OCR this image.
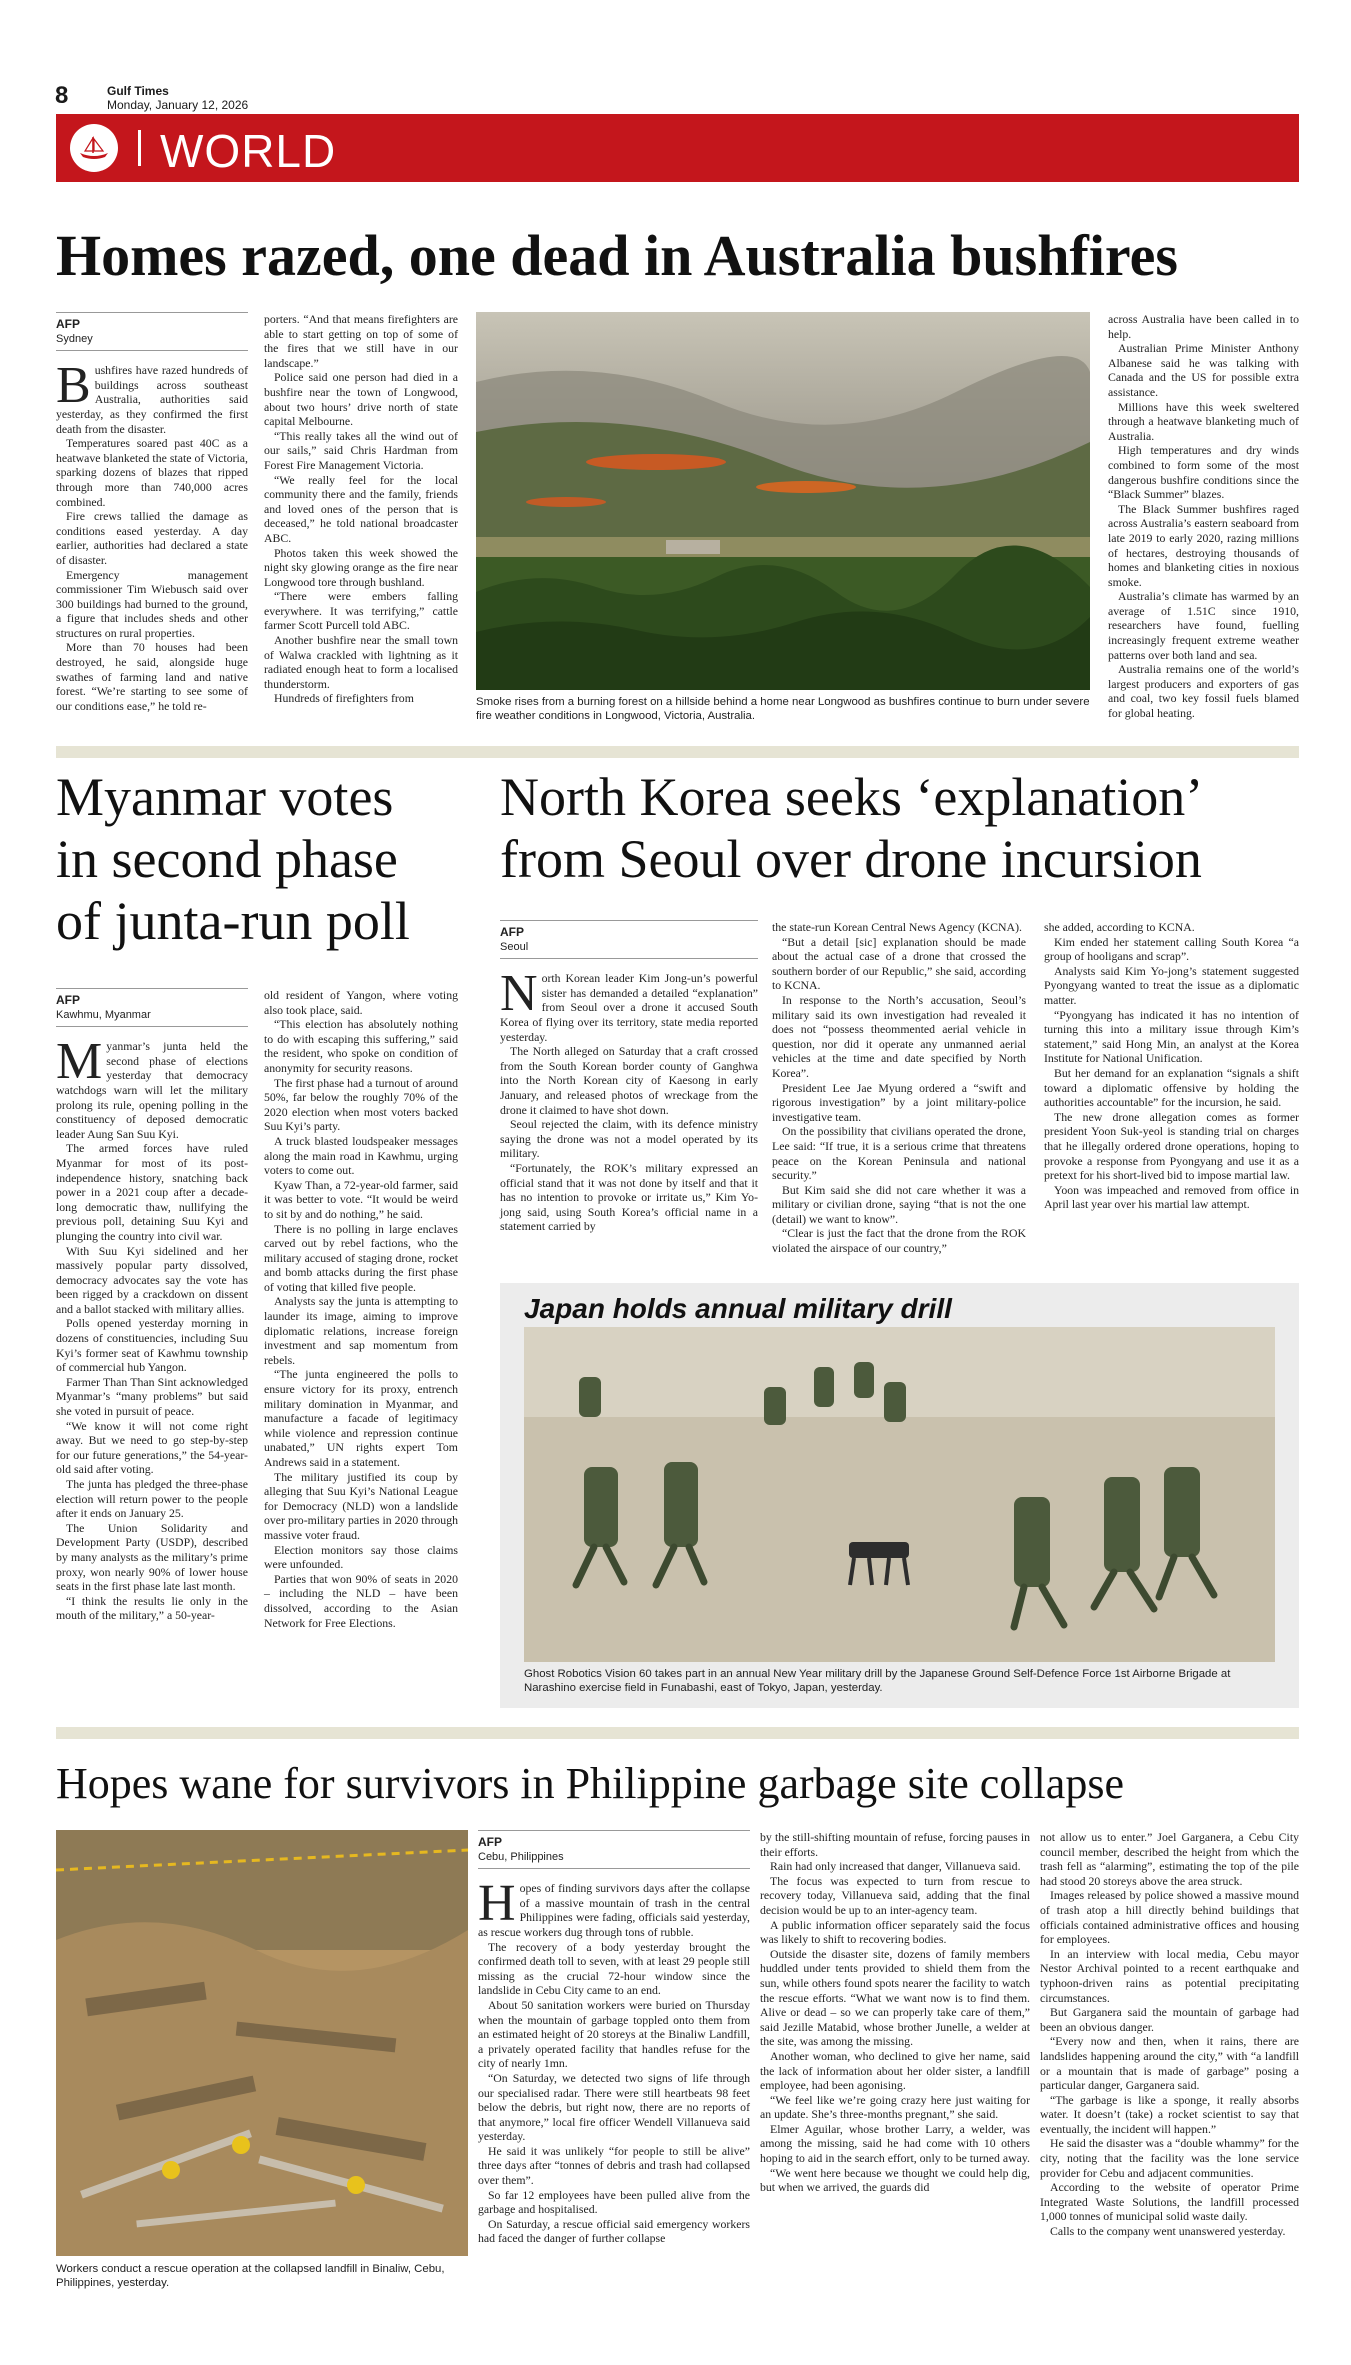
8	Gulf Times
Monday, January 12, 2026
WORLD
Homes razed, one dead in Australia bushfires
AFP
Sydney
B ushfires have razed hundreds of buildings across southeast Australia, authorities said yesterday, as they confirmed the first death from the disaster.

Temperatures soared past 40C as a heatwave blanketed the state of Victoria, sparking dozens of blazes that ripped through more than 740,000 acres combined.

Fire crews tallied the damage as conditions eased yesterday. A day earlier, authorities had declared a state of disaster.

Emergency management commissioner Tim Wiebusch said over 300 buildings had burned to the ground, a figure that includes sheds and other structures on rural properties.

More than 70 houses had been destroyed, he said, alongside huge swathes of farming land and native forest. “We’re starting to see some of our conditions ease,” he told re-

porters. “And that means firefighters are able to start getting on top of some of the fires that we still have in our landscape.”

Police said one person had died in a bushfire near the town of Longwood, about two hours’ drive north of state capital Melbourne.

“This really takes all the wind out of our sails,” said Chris Hardman from Forest Fire Management Victoria.

“We really feel for the local community there and the family, friends and loved ones of the person that is deceased,” he told national broadcaster ABC.

Photos taken this week showed the night sky glowing orange as the fire near Longwood tore through bushland.

“There were embers falling everywhere. It was terrifying,” cattle farmer Scott Purcell told ABC.

Another bushfire near the small town of Walwa crackled with lightning as it radiated enough heat to form a localised thunderstorm.

Hundreds of firefighters from	Smoke rises from a burning forest on a hillside behind a home near Longwood as bushfires continue to burn under severe fire weather conditions in Longwood, Victoria, Australia.

across Australia have been called in to help.

Australian Prime Minister Anthony Albanese said he was talking with Canada and the US for possible extra assistance.

Millions have this week sweltered through a heatwave blanketing much of Australia.

High temperatures and dry winds combined to form some of the most dangerous bushfire conditions since the “Black Summer” blazes.

The Black Summer bushfires raged across Australia’s eastern seaboard from late 2019 to early 2020, razing millions of hectares, destroying thousands of homes and blanketing cities in noxious smoke.

Australia’s climate has warmed by an average of 1.51C since 1910, researchers have found, fuelling increasingly frequent extreme weather patterns over both land and sea.

Australia remains one of the world’s largest producers and exporters of gas and coal, two key fossil fuels blamed for global heating.

Myanmar votes
in second phase
of junta-run poll
AFP
Kawhmu, Myanmar
M yanmar’s junta held the second phase of elections yesterday that democracy watchdogs warn will let the military prolong its rule, opening polling in the constituency of deposed democratic leader Aung San Suu Kyi.

The armed forces have ruled Myanmar for most of its post-independence history, snatching back power in a 2021 coup after a decade-long democratic thaw, nullifying the previous poll, detaining Suu Kyi and plunging the country into civil war.

With Suu Kyi sidelined and her massively popular party dissolved, democracy advocates say the vote has been rigged by a crackdown on dissent and a ballot stacked with military allies.

Polls opened yesterday morning in dozens of constituencies, including Suu Kyi’s former seat of Kawhmu township of commercial hub Yangon.

Farmer Than Than Sint acknowledged Myanmar’s “many problems” but said she voted in pursuit of peace.

“We know it will not come right away. But we need to go step-by-step for our future generations,” the 54-year-old said after voting.

The junta has pledged the three-phase election will return power to the people after it ends on January 25.

The Union Solidarity and Development Party (USDP), described by many analysts as the military’s prime proxy, won nearly 90% of lower house seats in the first phase late last month.

“I think the results lie only in the mouth of the military,” a 50-year-

old resident of Yangon, where voting also took place, said.

“This election has absolutely nothing to do with escaping this suffering,” said the resident, who spoke on condition of anonymity for security reasons.

The first phase had a turnout of around 50%, far below the roughly 70% of the 2020 election when most voters backed Suu Kyi’s party.

A truck blasted loudspeaker messages along the main road in Kawhmu, urging voters to come out.

Kyaw Than, a 72-year-old farmer, said it was better to vote. “It would be weird to sit by and do nothing,” he said.

There is no polling in large enclaves carved out by rebel factions, who the military accused of staging drone, rocket and bomb attacks during the first phase of voting that killed five people.

Analysts say the junta is attempting to launder its image, aiming to improve diplomatic relations, increase foreign investment and sap momentum from rebels.

“The junta engineered the polls to ensure victory for its proxy, entrench military domination in Myanmar, and manufacture a facade of legitimacy while violence and repression continue unabated,” UN rights expert Tom Andrews said in a statement.

The military justified its coup by alleging that Suu Kyi’s National League for Democracy (NLD) won a landslide over pro-military parties in 2020 through massive voter fraud.

Election monitors say those claims were unfounded.

Parties that won 90% of seats in 2020 – including the NLD – have been dissolved, according to the Asian Network for Free Elections.

North Korea seeks ‘explanation’
from Seoul over drone incursion
AFP
Seoul
N orth Korean leader Kim Jong-un’s powerful sister has demanded a detailed “explanation” from Seoul over a drone it accused South Korea of flying over its territory, state media reported yesterday.

The North alleged on Saturday that a craft crossed from the South Korean border county of Ganghwa into the North Korean city of Kaesong in early January, and released photos of wreckage from the drone it claimed to have shot down.

Seoul rejected the claim, with its defence ministry saying the drone was not a model operated by its military.

“Fortunately, the ROK’s military expressed an official stand that it was not done by itself and that it has no intention to provoke or irritate us,” Kim Yo-jong said, using South Korea’s official name in a statement carried by

the state-run Korean Central News Agency (KCNA).

“But a detail [sic] explanation should be made about the actual case of a drone that crossed the southern border of our Republic,” she said, according to KCNA.

In response to the North’s accusation, Seoul’s military said its own investigation had revealed it does not “possess theommented aerial vehicle in question, nor did it operate any unmanned aerial vehicles at the time and date specified by North Korea”.

President Lee Jae Myung ordered a “swift and rigorous investigation” by a joint military-police investigative team.

On the possibility that civilians operated the drone, Lee said: “If true, it is a serious crime that threatens peace on the Korean Peninsula and national security.”

But Kim said she did not care whether it was a military or civilian drone, saying “that is not the one (detail) we want to know”.

“Clear is just the fact that the drone from the ROK violated the airspace of our country,”

she added, according to KCNA.

Kim ended her statement calling South Korea “a group of hooligans and scrap”.

Analysts said Kim Yo-jong’s statement suggested Pyongyang wanted to treat the issue as a diplomatic matter.

“Pyongyang has indicated it has no intention of turning this into a military issue through Kim’s statement,” said Hong Min, an analyst at the Korea Institute for National Unification.

But her demand for an explanation “signals a shift toward a diplomatic offensive by holding the authorities accountable” for the incursion, he said.

The new drone allegation comes as former president Yoon Suk-yeol is standing trial on charges that he illegally ordered drone operations, hoping to provoke a response from Pyongyang and use it as a pretext for his short-lived bid to impose martial law.

Yoon was impeached and removed from office in April last year over his martial law attempt.

Japan holds annual military drill
Ghost Robotics Vision 60 takes part in an annual New Year military drill by the Japanese Ground Self-Defence Force 1st Airborne Brigade at Narashino exercise field in Funabashi, east of Tokyo, Japan, yesterday.
Hopes wane for survivors in Philippine garbage site collapse
Workers conduct a rescue operation at the collapsed landfill in Binaliw, Cebu, Philippines, yesterday.
AFP
Cebu, Philippines
H opes of finding survivors days after the collapse of a massive mountain of trash in the central Philippines were fading, officials said yesterday, as rescue workers dug through tons of rubble.

The recovery of a body yesterday brought the confirmed death toll to seven, with at least 29 people still missing as the crucial 72-hour window since the landslide in Cebu City came to an end.

About 50 sanitation workers were buried on Thursday when the mountain of garbage toppled onto them from an estimated height of 20 storeys at the Binaliw Landfill, a privately operated facility that handles refuse for the city of nearly 1mn.

“On Saturday, we detected two signs of life through our specialised radar. There were still heartbeats 98 feet below the debris, but right now, there are no reports of that anymore,” local fire officer Wendell Villanueva said yesterday.

He said it was unlikely “for people to still be alive” three days after “tonnes of debris and trash had collapsed over them”.

So far 12 employees have been pulled alive from the garbage and hospitalised.

On Saturday, a rescue official said emergency workers had faced the danger of further collapse

by the still-shifting mountain of refuse, forcing pauses in their efforts.

Rain had only increased that danger, Villanueva said.

The focus was expected to turn from rescue to recovery today, Villanueva said, adding that the final decision would be up to an inter-agency team.

A public information officer separately said the focus was likely to shift to recovering bodies.

Outside the disaster site, dozens of family members huddled under tents provided to shield them from the sun, while others found spots nearer the facility to watch the rescue efforts. “What we want now is to find them. Alive or dead – so we can properly take care of them,” said Jezille Matabid, whose brother Junelle, a welder at the site, was among the missing.

Another woman, who declined to give her name, said the lack of information about her older sister, a landfill employee, had been agonising.

“We feel like we’re going crazy here just waiting for an update. She’s three-months pregnant,” she said.

Elmer Aguilar, whose brother Larry, a welder, was among the missing, said he had come with 10 others hoping to aid in the search effort, only to be turned away.

“We went here because we thought we could help dig, but when we arrived, the guards did

not allow us to enter.” Joel Garganera, a Cebu City council member, described the height from which the trash fell as “alarming”, estimating the top of the pile had stood 20 storeys above the area struck.

Images released by police showed a massive mound of trash atop a hill directly behind buildings that officials contained administrative offices and housing for employees.

In an interview with local media, Cebu mayor Nestor Archival pointed to a recent earthquake and typhoon-driven rains as potential precipitating circumstances.

But Garganera said the mountain of garbage had been an obvious danger.

“Every now and then, when it rains, there are landslides happening around the city,” with “a landfill or a mountain that is made of garbage” posing a particular danger, Garganera said.

“The garbage is like a sponge, it really absorbs water. It doesn’t (take) a rocket scientist to say that eventually, the incident will happen.”

He said the disaster was a “double whammy” for the city, noting that the facility was the lone service provider for Cebu and adjacent communities.

According to the website of operator Prime Integrated Waste Solutions, the landfill processed 1,000 tonnes of municipal solid waste daily.

Calls to the company went unanswered yesterday.
